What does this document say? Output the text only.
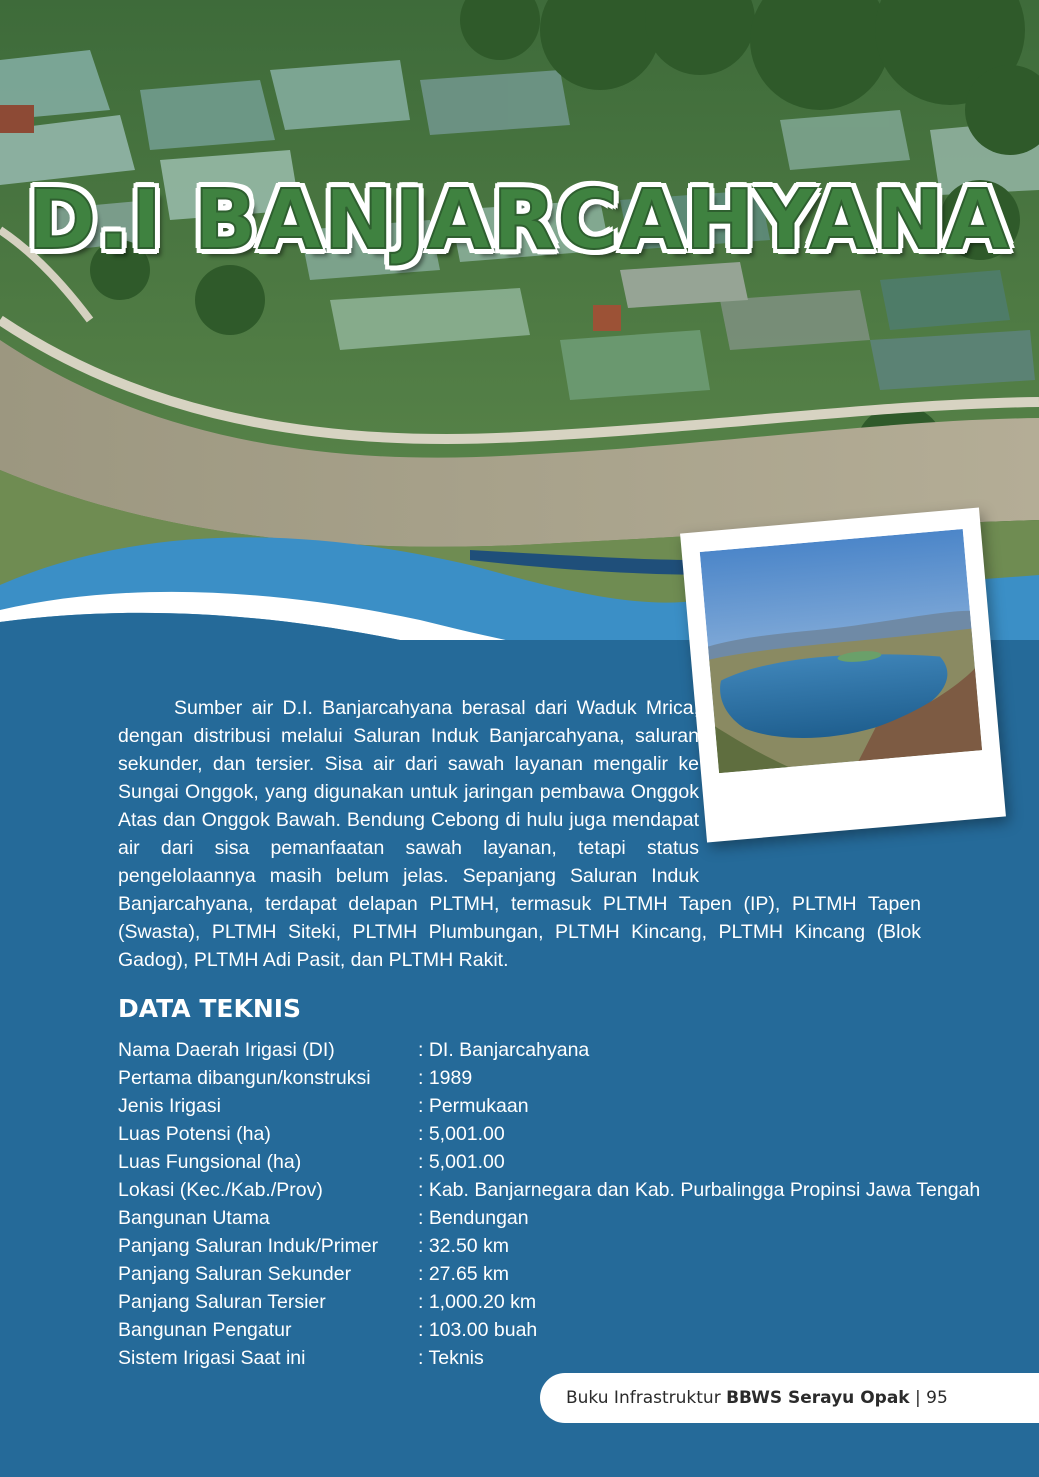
D.I BANJARCAHYANA

Sumber air D.I. Banjarcahyana berasal dari Waduk Mrica, dengan distribusi melalui Saluran Induk Banjarcahyana, saluran sekunder, dan tersier. Sisa air dari sawah layanan mengalir ke Sungai Onggok, yang digunakan untuk jaringan pembawa Onggok Atas dan Onggok Bawah. Bendung Cebong di hulu juga mendapat air dari sisa pemanfaatan sawah layanan, tetapi status pengelolaannya masih belum jelas. Sepanjang Saluran Induk Banjarcahyana, terdapat delapan PLTMH, termasuk PLTMH Tapen (IP), PLTMH Tapen (Swasta), PLTMH Siteki, PLTMH Plumbungan, PLTMH Kincang, PLTMH Kincang (Blok Gadog), PLTMH Adi Pasit, dan PLTMH Rakit.

DATA TEKNIS
Nama Daerah Irigasi (DI)	: DI. Banjarcahyana
Pertama dibangun/konstruksi	: 1989
Jenis Irigasi	: Permukaan
Luas Potensi (ha)	: 5,001.00
Luas Fungsional (ha)	: 5,001.00
Lokasi (Kec./Kab./Prov)	: Kab. Banjarnegara dan Kab. Purbalingga Propinsi Jawa Tengah
Bangunan Utama	: Bendungan
Panjang Saluran Induk/Primer	: 32.50 km
Panjang Saluran Sekunder	: 27.65 km
Panjang Saluran Tersier	: 1,000.20 km
Bangunan Pengatur	: 103.00 buah
Sistem Irigasi Saat ini	: Teknis
Buku Infrastruktur BBWS Serayu Opak | 95
